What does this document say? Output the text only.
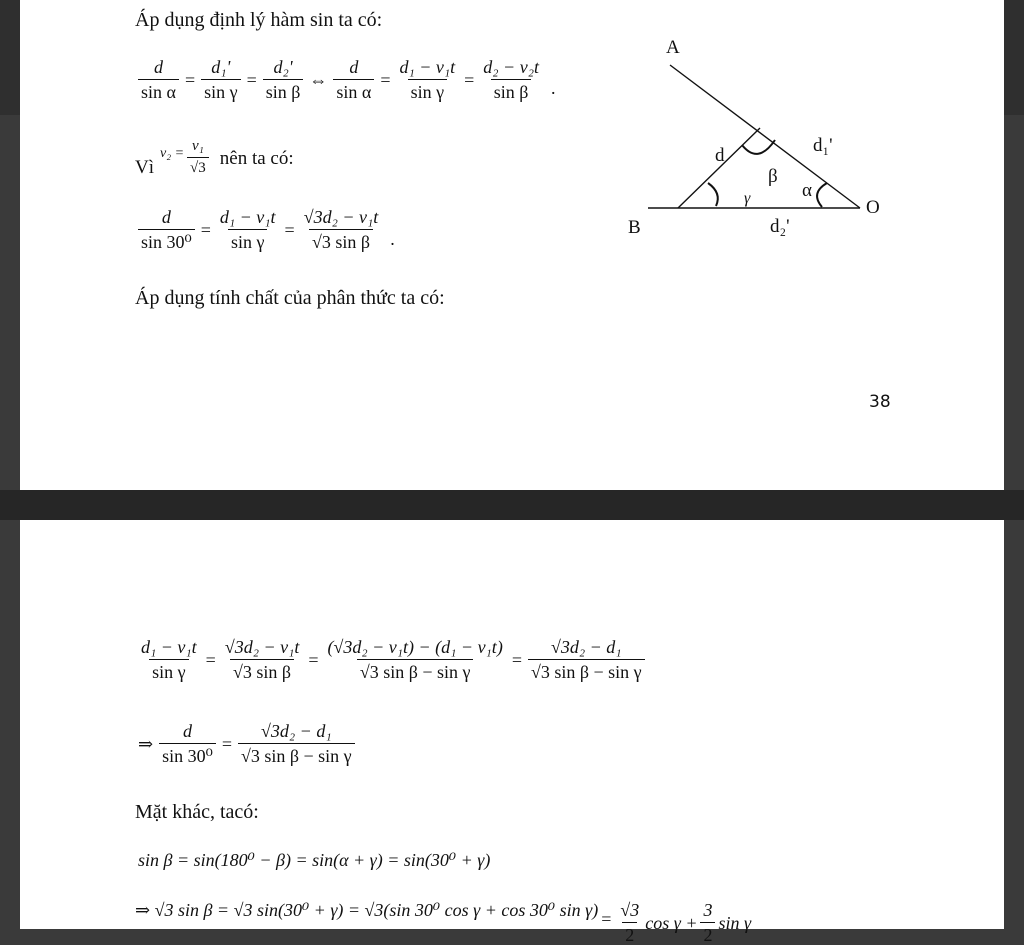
Áp dụng định lý hàm sin ta có:
$\frac{d}{\text{sin α}} = \frac{\text{d₁'}}{\text{sin γ}} = \frac{\text{d₂'}}{\text{sin β}}$ ⇔ $\frac{d}{\text{sin α}} = \frac{\text{d₁ − v₁t}}{\text{sin γ}} = \frac{\text{d₂ − v₂t}}{\text{sin β}}$ .
Vì
$v_2 = \frac{\text{v₁}}{√3}$ nên ta có:
$\frac{d}{\text{sin 30⁰}} = \frac{\text{d₁ − v₁t}}{\text{sin γ}} = \frac{\text{√3d₂ − v₁t}}{\text{√3 sin β}}$ .
Áp dụng tính chất của phân thức ta có:
38
A
B
O
d	d₁'
d₂'
β
γ	α
$\frac{\text{d₁ − v₁t}}{\text{sin γ}} = \frac{\text{√3d₂ − v₁t}}{\text{√3 sin β}} = \frac{\text{(√3d₂ − v₁t) − (d₁ − v₁t)}}{\text{√3 sin β − sin γ}} = \frac{\text{√3d₂ − d₁}}{\text{√3 sin β − sin γ}}$
⇒ $\frac{d}{\text{sin 30⁰}} = \frac{\text{√3d₂ − d₁}}{\text{√3 sin β − sin γ}}$
Mặt khác, tacó:
sin β = sin(180⁰ − β) = sin(α + γ) = sin(30⁰ + γ)
⇒ √3 sin β = √3 sin(30⁰ + γ) = √3(sin 30⁰ cos γ + cos 30⁰ $\sin \gamma) = \frac{√3}{2}$ $\cos \gamma + \frac{3}{2}$ sin γ
